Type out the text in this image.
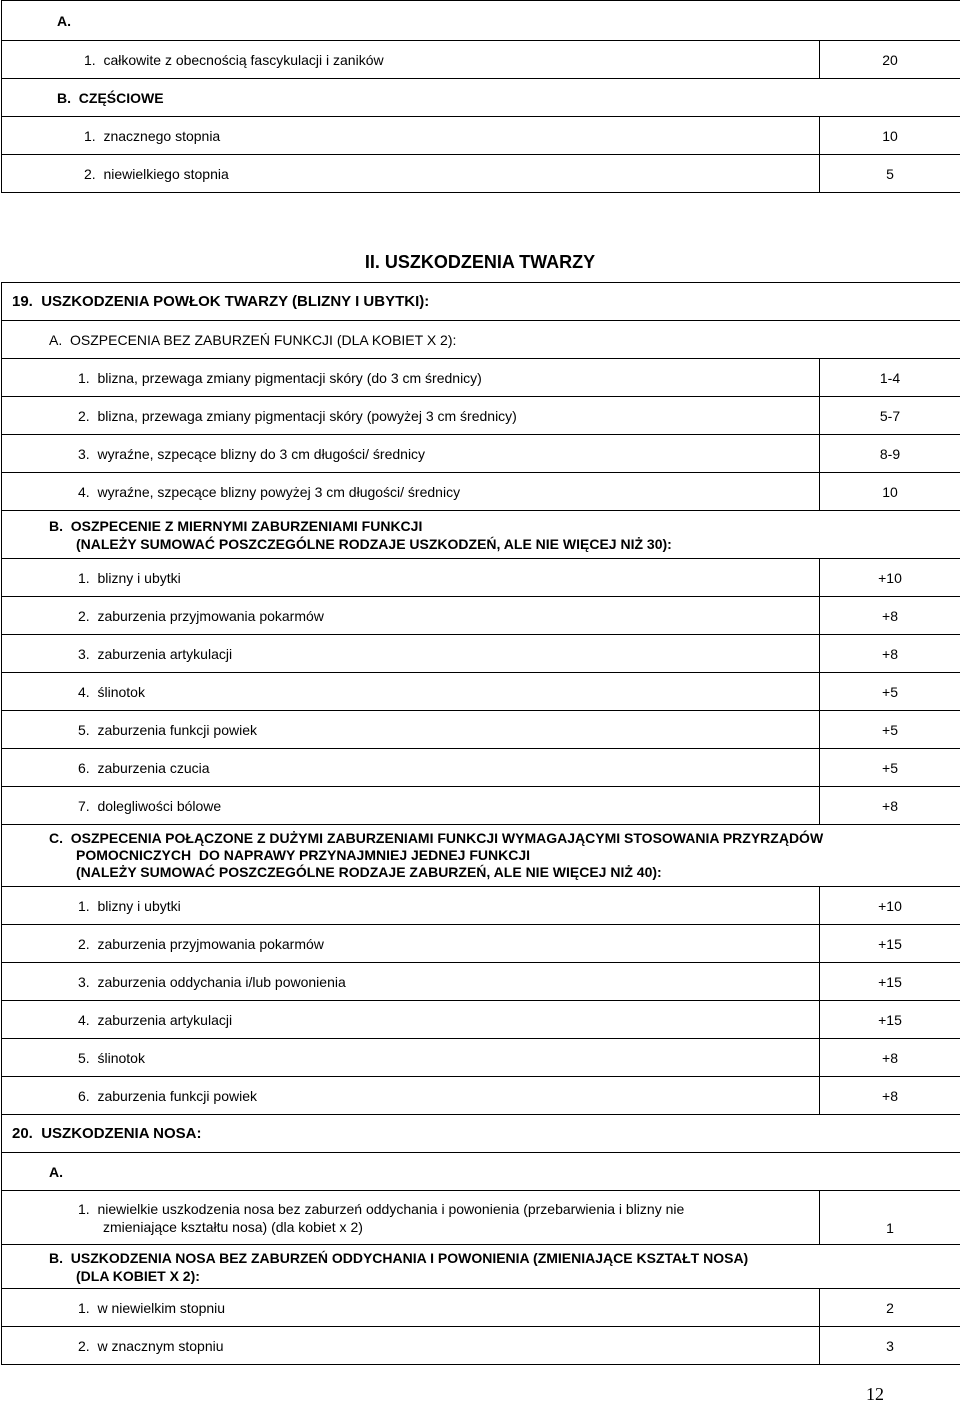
A.	
1. całkowite z obecnością fascykulacji i zaników	20
B. CZĘŚCIOWE	
1. znacznego stopnia	10
2. niewielkiego stopnia	5
II. USZKODZENIA TWARZY
19. USZKODZENIA POWŁOK TWARZY (BLIZNY I UBYTKI):	
A. OSZPECENIA BEZ ZABURZEŃ FUNKCJI (DLA KOBIET X 2):	
1. blizna, przewaga zmiany pigmentacji skóry (do 3 cm średnicy)	1-4
2. blizna, przewaga zmiany pigmentacji skóry (powyżej 3 cm średnicy)	5-7
3. wyraźne, szpecące blizny do 3 cm długości/ średnicy	8-9
4. wyraźne, szpecące blizny powyżej 3 cm długości/ średnicy	10

B. OSZPECENIE Z MIERNYMI ZABURZENIAMI FUNKCJI
(NALEŻY SUMOWAĆ POSZCZEGÓLNE RODZAJE USZKODZEŃ, ALE NIE WIĘCEJ NIŻ 30):	

1. blizny i ubytki	+10
2. zaburzenia przyjmowania pokarmów	+8
3. zaburzenia artykulacji	+8
4. ślinotok	+5
5. zaburzenia funkcji powiek	+5
6. zaburzenia czucia	+5
7. dolegliwości bólowe	+8

C. OSZPECENIA POŁĄCZONE Z DUŻYMI ZABURZENIAMI FUNKCJI WYMAGAJĄCYMI STOSOWANIA PRZYRZĄDÓW
POMOCNICZYCH  DO NAPRAWY PRZYNAJMNIEJ JEDNEJ FUNKCJI
(NALEŻY SUMOWAĆ POSZCZEGÓLNE RODZAJE ZABURZEŃ, ALE NIE WIĘCEJ NIŻ 40):	

1. blizny i ubytki	+10
2. zaburzenia przyjmowania pokarmów	+15
3. zaburzenia oddychania i/lub powonienia	+15
4. zaburzenia artykulacji	+15
5. ślinotok	+8
6. zaburzenia funkcji powiek	+8
20. USZKODZENIA NOSA:	
A.	

1. niewielkie uszkodzenia nosa bez zaburzeń oddychania i powonienia (przebarwienia i blizny nie
zmieniające kształtu nosa) (dla kobiet x 2)	1

B. USZKODZENIA NOSA BEZ ZABURZEŃ ODDYCHANIA I POWONIENIA (ZMIENIAJĄCE KSZTAŁT NOSA)
(DLA KOBIET X 2):	

1. w niewielkim stopniu	2
2. w znacznym stopniu	3
12
